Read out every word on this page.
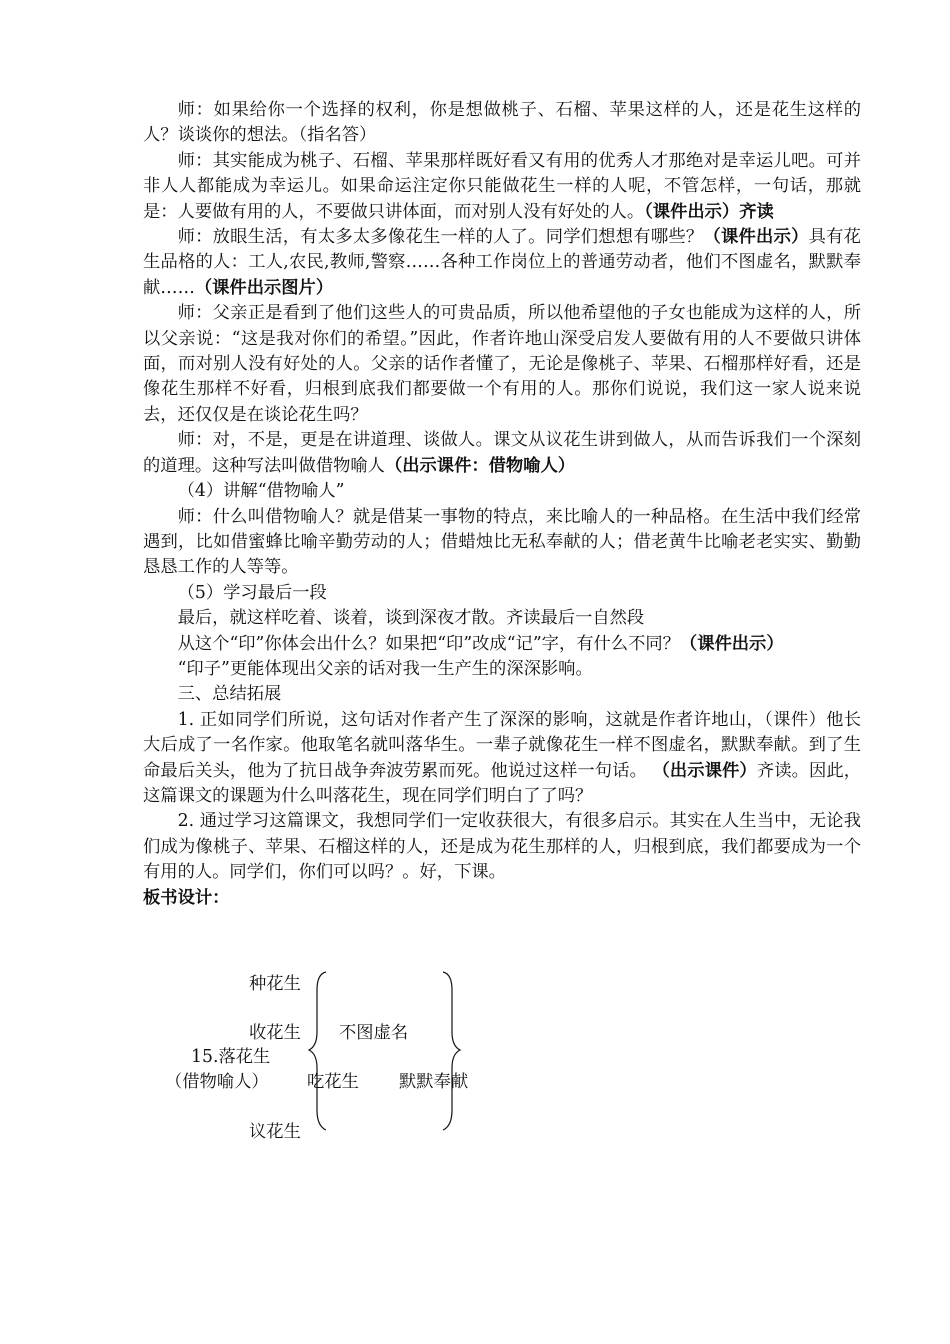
师：如果给你一个选择的权利，你是想做桃子、石榴、苹果这样的人，还是花生这样的人？谈谈你的想法。（指名答）

师：其实能成为桃子、石榴、苹果那样既好看又有用的优秀人才那绝对是幸运儿吧。可并非人人都能成为幸运儿。如果命运注定你只能做花生一样的人呢，不管怎样，一句话，那就是：人要做有用的人，不要做只讲体面，而对别人没有好处的人。（课件出示）齐读

师：放眼生活，有太多太多像花生一样的人了。同学们想想有哪些？（课件出示）具有花生品格的人：工人,农民,教师,警察……各种工作岗位上的普通劳动者，他们不图虚名，默默奉献……（课件出示图片）

师：父亲正是看到了他们这些人的可贵品质，所以他希望他的子女也能成为这样的人，所以父亲说：“这是我对你们的希望。”因此，作者许地山深受启发人要做有用的人不要做只讲体面，而对别人没有好处的人。父亲的话作者懂了，无论是像桃子、苹果、石榴那样好看，还是像花生那样不好看，归根到底我们都要做一个有用的人。那你们说说，我们这一家人说来说去，还仅仅是在谈论花生吗？

师：对，不是，更是在讲道理、谈做人。课文从议花生讲到做人，从而告诉我们一个深刻的道理。这种写法叫做借物喻人（出示课件：借物喻人）

（4）讲解“借物喻人”

师：什么叫借物喻人？就是借某一事物的特点，来比喻人的一种品格。在生活中我们经常遇到，比如借蜜蜂比喻辛勤劳动的人；借蜡烛比无私奉献的人；借老黄牛比喻老老实实、勤勤恳恳工作的人等等。

（5）学习最后一段

最后，就这样吃着、谈着，谈到深夜才散。齐读最后一自然段

从这个“印”你体会出什么？如果把“印”改成“记”字，有什么不同？（课件出示）

“印子”更能体现出父亲的话对我一生产生的深深影响。

三、总结拓展

1. 正如同学们所说，这句话对作者产生了深深的影响，这就是作者许地山，（课件）他长大后成了一名作家。他取笔名就叫落华生。一辈子就像花生一样不图虚名，默默奉献。到了生命最后关头，他为了抗日战争奔波劳累而死。他说过这样一句话。 （出示课件）齐读。因此，这篇课文的课题为什么叫落花生，现在同学们明白了了吗？

2. 通过学习这篇课文，我想同学们一定收获很大，有很多启示。其实在人生当中，无论我们成为像桃子、苹果、石榴这样的人，还是成为花生那样的人，归根到底，我们都要成为一个有用的人。同学们，你们可以吗？。好，下课。

板书设计：

种花生
收花生 不图虚名
15.落花生
（借物喻人） 吃花生 默默奉献
议花生
